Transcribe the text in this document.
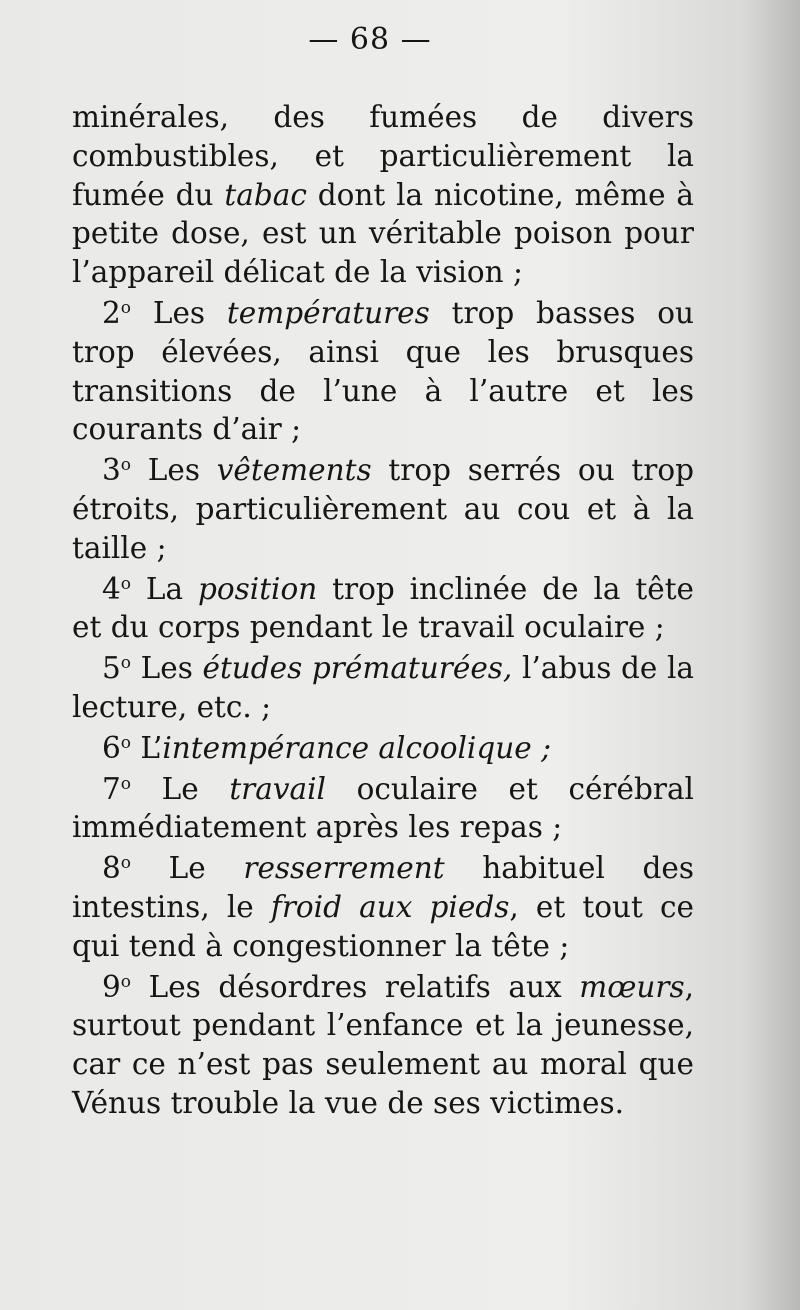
— 68 —

minérales, des fumées de divers combustibles, et particulièrement la fumée du tabac dont la nicotine, même à petite dose, est un véritable poison pour l’appareil délicat de la vision ;

2$^o$ Les températures trop basses ou trop élevées, ainsi que les brusques transitions de l’une à l’autre et les courants d’air ;

3$^o$ Les vêtements trop serrés ou trop étroits, particulièrement au cou et à la taille ;

4$^o$ La position trop inclinée de la tête et du corps pendant le travail oculaire ;

5$^o$ Les études prématurées, l’abus de la lecture, etc. ;

6$^o$ L’intempérance alcoolique ;

7$^o$ Le travail oculaire et cérébral immédiatement après les repas ;

8$^o$ Le resserrement habituel des intestins, le froid aux pieds, et tout ce qui tend à congestionner la tête ;

9$^o$ Les désordres relatifs aux mœurs, surtout pendant l’enfance et la jeunesse, car ce n’est pas seulement au moral que Vénus trouble la vue de ses victimes.
